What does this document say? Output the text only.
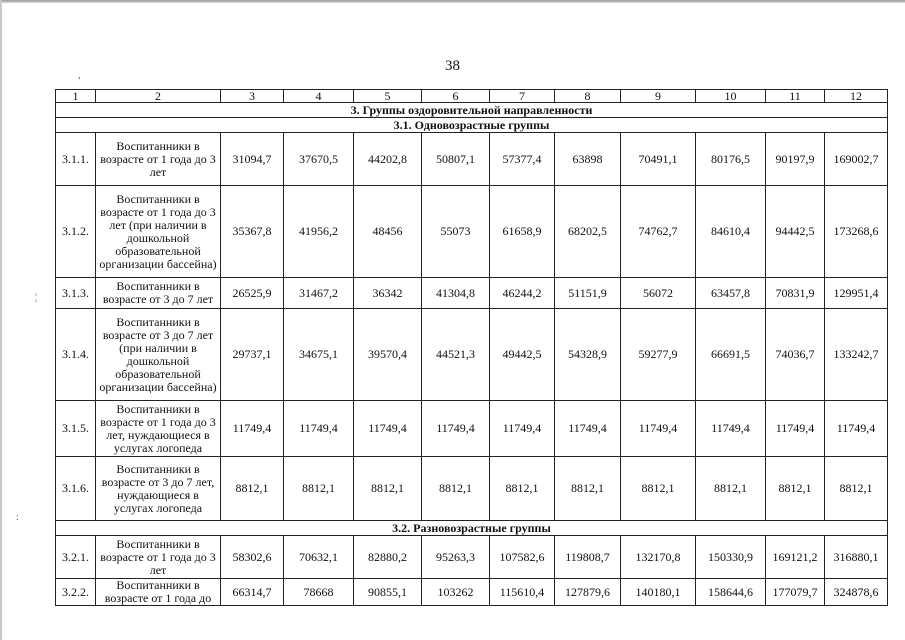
,
¦
:
38
1	2	3	4	5	6	7	8	9	10	11	12
3. Группы оздоровительной направленности											
3.1. Одновозрастные группы											
3.1.1.	Воспитанники в возрасте от 1 года до 3 лет	31094,7	37670,5	44202,8	50807,1	57377,4	63898	70491,1	80176,5	90197,9	169002,7
3.1.2.	Воспитанники в возрасте от 1 года до 3 лет (при наличии в дошкольной образовательной организации бассейна)	35367,8	41956,2	48456	55073	61658,9	68202,5	74762,7	84610,4	94442,5	173268,6
3.1.3.	Воспитанники в возрасте от 3 до 7 лет	26525,9	31467,2	36342	41304,8	46244,2	51151,9	56072	63457,8	70831,9	129951,4
3.1.4.	Воспитанники в возрасте от 3 до 7 лет (при наличии в дошкольной образовательной организации бассейна)	29737,1	34675,1	39570,4	44521,3	49442,5	54328,9	59277,9	66691,5	74036,7	133242,7
3.1.5.	Воспитанники в возрасте от 1 года до 3 лет, нуждающиеся в услугах логопеда	11749,4	11749,4	11749,4	11749,4	11749,4	11749,4	11749,4	11749,4	11749,4	11749,4
3.1.6.	Воспитанники в возрасте от 3 до 7 лет, нуждающиеся в услугах логопеда	8812,1	8812,1	8812,1	8812,1	8812,1	8812,1	8812,1	8812,1	8812,1	8812,1
3.2. Разновозрастные группы											
3.2.1.	Воспитанники в возрасте от 1 года до 3 лет	58302,6	70632,1	82880,2	95263,3	107582,6	119808,7	132170,8	150330,9	169121,2	316880,1
3.2.2.	Воспитанники в возрасте от 1 года до	66314,7	78668	90855,1	103262	115610,4	127879,6	140180,1	158644,6	177079,7	324878,6
